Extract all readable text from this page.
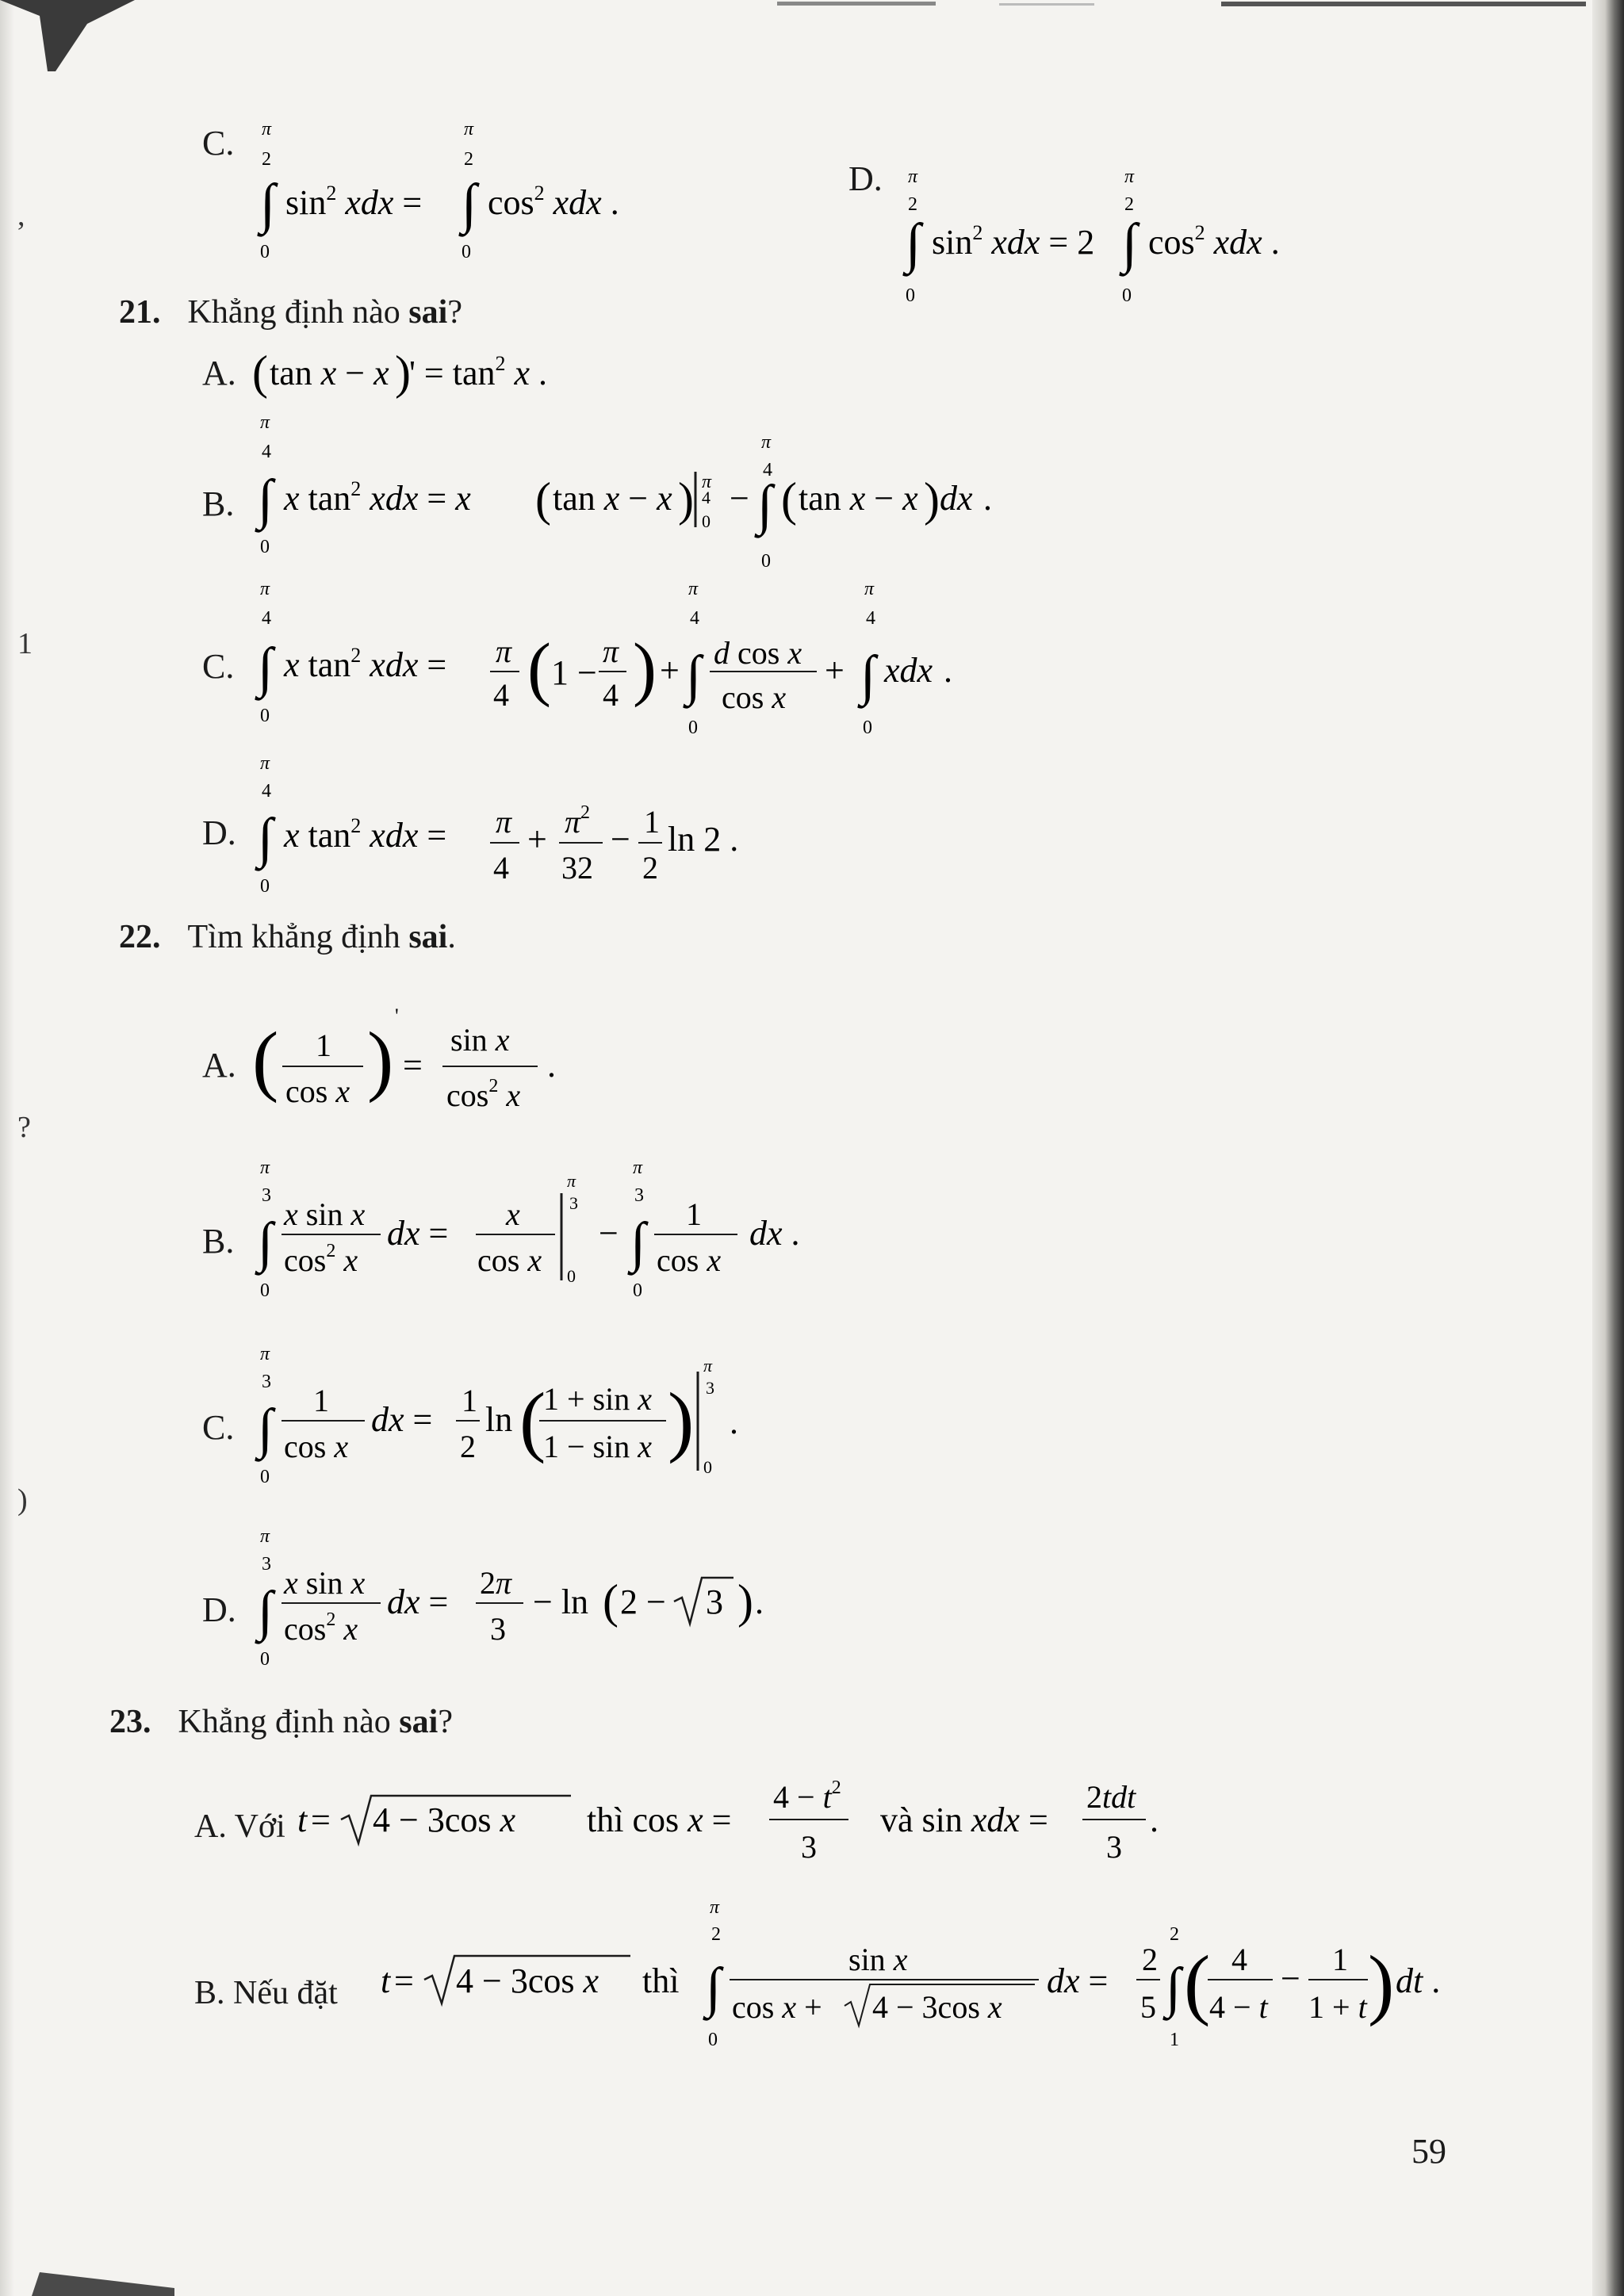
,
1
?
)
C.	π
2
∫
0
$\sin^2$ xdx =
π
2
∫
0
$\cos^2$ xdx .
D.	π
2
∫
0
$\sin^2$ xdx = 2
π
2
∫
0
$\cos^2$ xdx .
21. Khẳng định nào sai?
A. ( tan x − x )
' = $\tan^2 x$ .
B.
π
4
∫
0
x $\tan^2$ xdx = x ( tan x − x ) π
4
0
−
π
4
∫
0
( tan x − x ) dx .
C.
π
4
∫
0
x $\tan^2$ xdx = π
4 ( 1 −
π
4 ) +
π
4
∫
0
d cos x
cos x
+
π
4
∫
0
xdx .
D.
π
4
∫
0
x $\tan^2$ xdx = π
4
+ $\pi^2$
32
− 1
2
ln 2 .
22. Tìm khẳng định sai.
A. ( 1
cos x ) '
=
sin x
$\cos^2 x$
.
B.
π
3
∫
0
x sin x
$\cos^2 x$
dx = x
cos x
π
3
0
−
π
3
∫
0
1
cos x
dx .
C.
π
3
∫
0
1
cos x
dx = 1
2
ln (
1 + sin x
1 − sin x )
π
3
0
.
D.
π
3
∫
0
x sin x
$\cos^2 x$
dx = 2π
3
− ln ( 2 − 3 ) .
23. Khẳng định nào sai?
A. Với t = 4 − 3cos x thì cos x =
$4 - t^2$
3
và sin xdx =
2tdt
3
.
B. Nếu đặt t = 4 − 3cos x thì
π
2
∫
0
sin x
cos x + 4 − 3cos x
dx =
2
5
2
∫
1
( 4
4 − t
− 1
1 + t ) dt .
59
